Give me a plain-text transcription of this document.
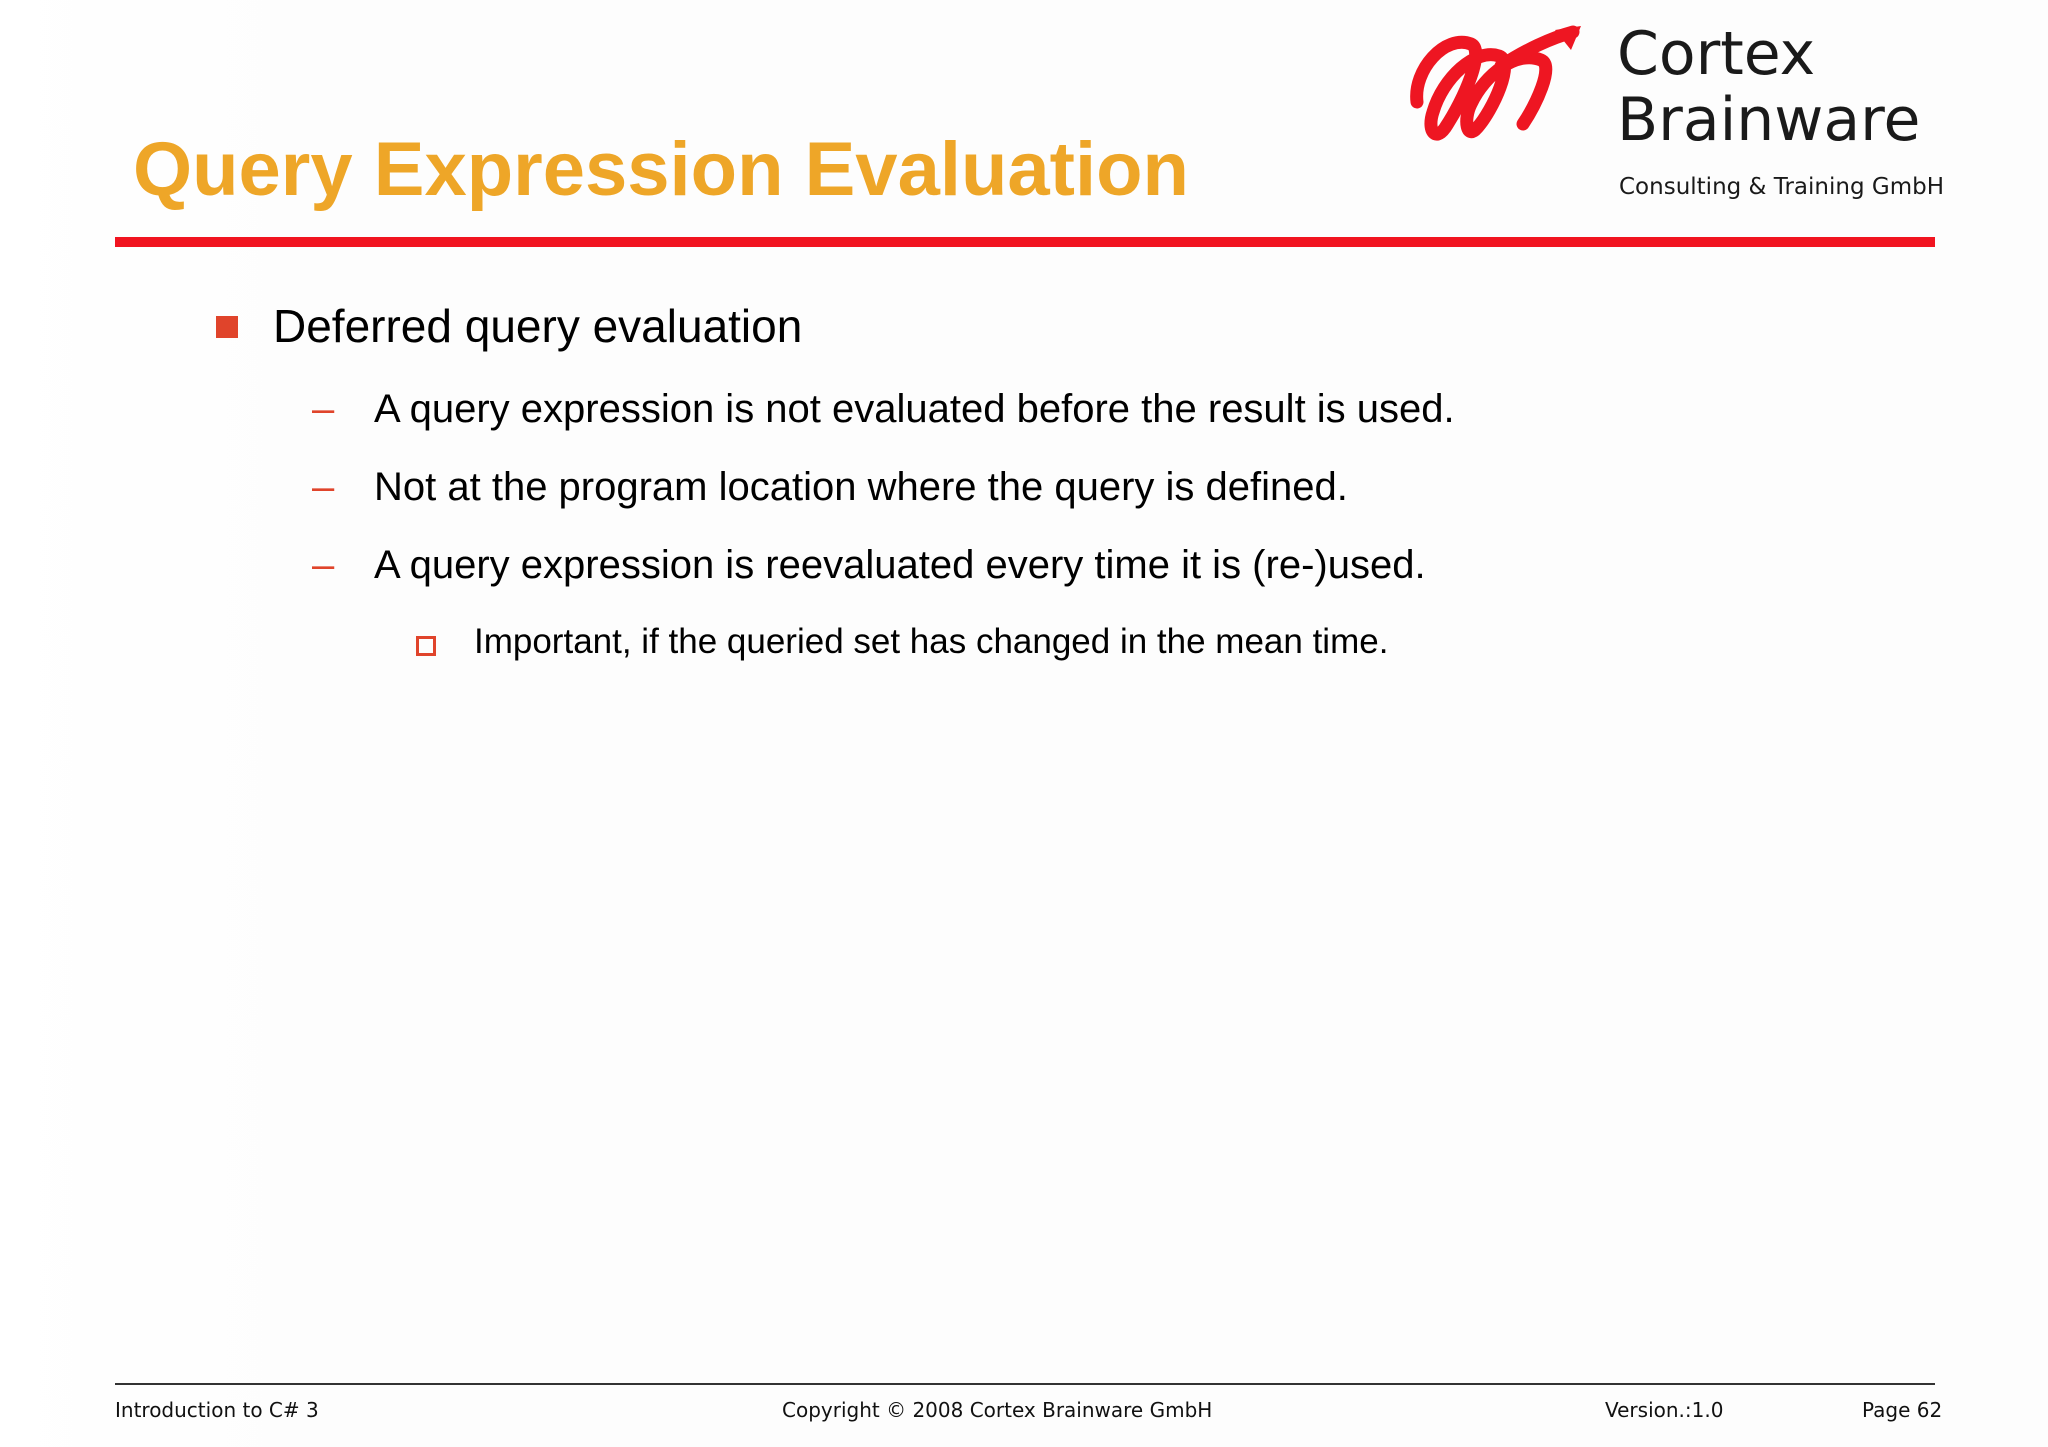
Query Expression Evaluation
Cortex
Brainware
Consulting & Training GmbH
Deferred query evaluation
– A query expression is not evaluated before the result is used.
– Not at the program location where the query is defined.
– A query expression is reevaluated every time it is (re-)used.
Important, if the queried set has changed in the mean time.
Introduction to C# 3	Copyright © 2008 Cortex Brainware GmbH	Version.:1.0	Page 62
